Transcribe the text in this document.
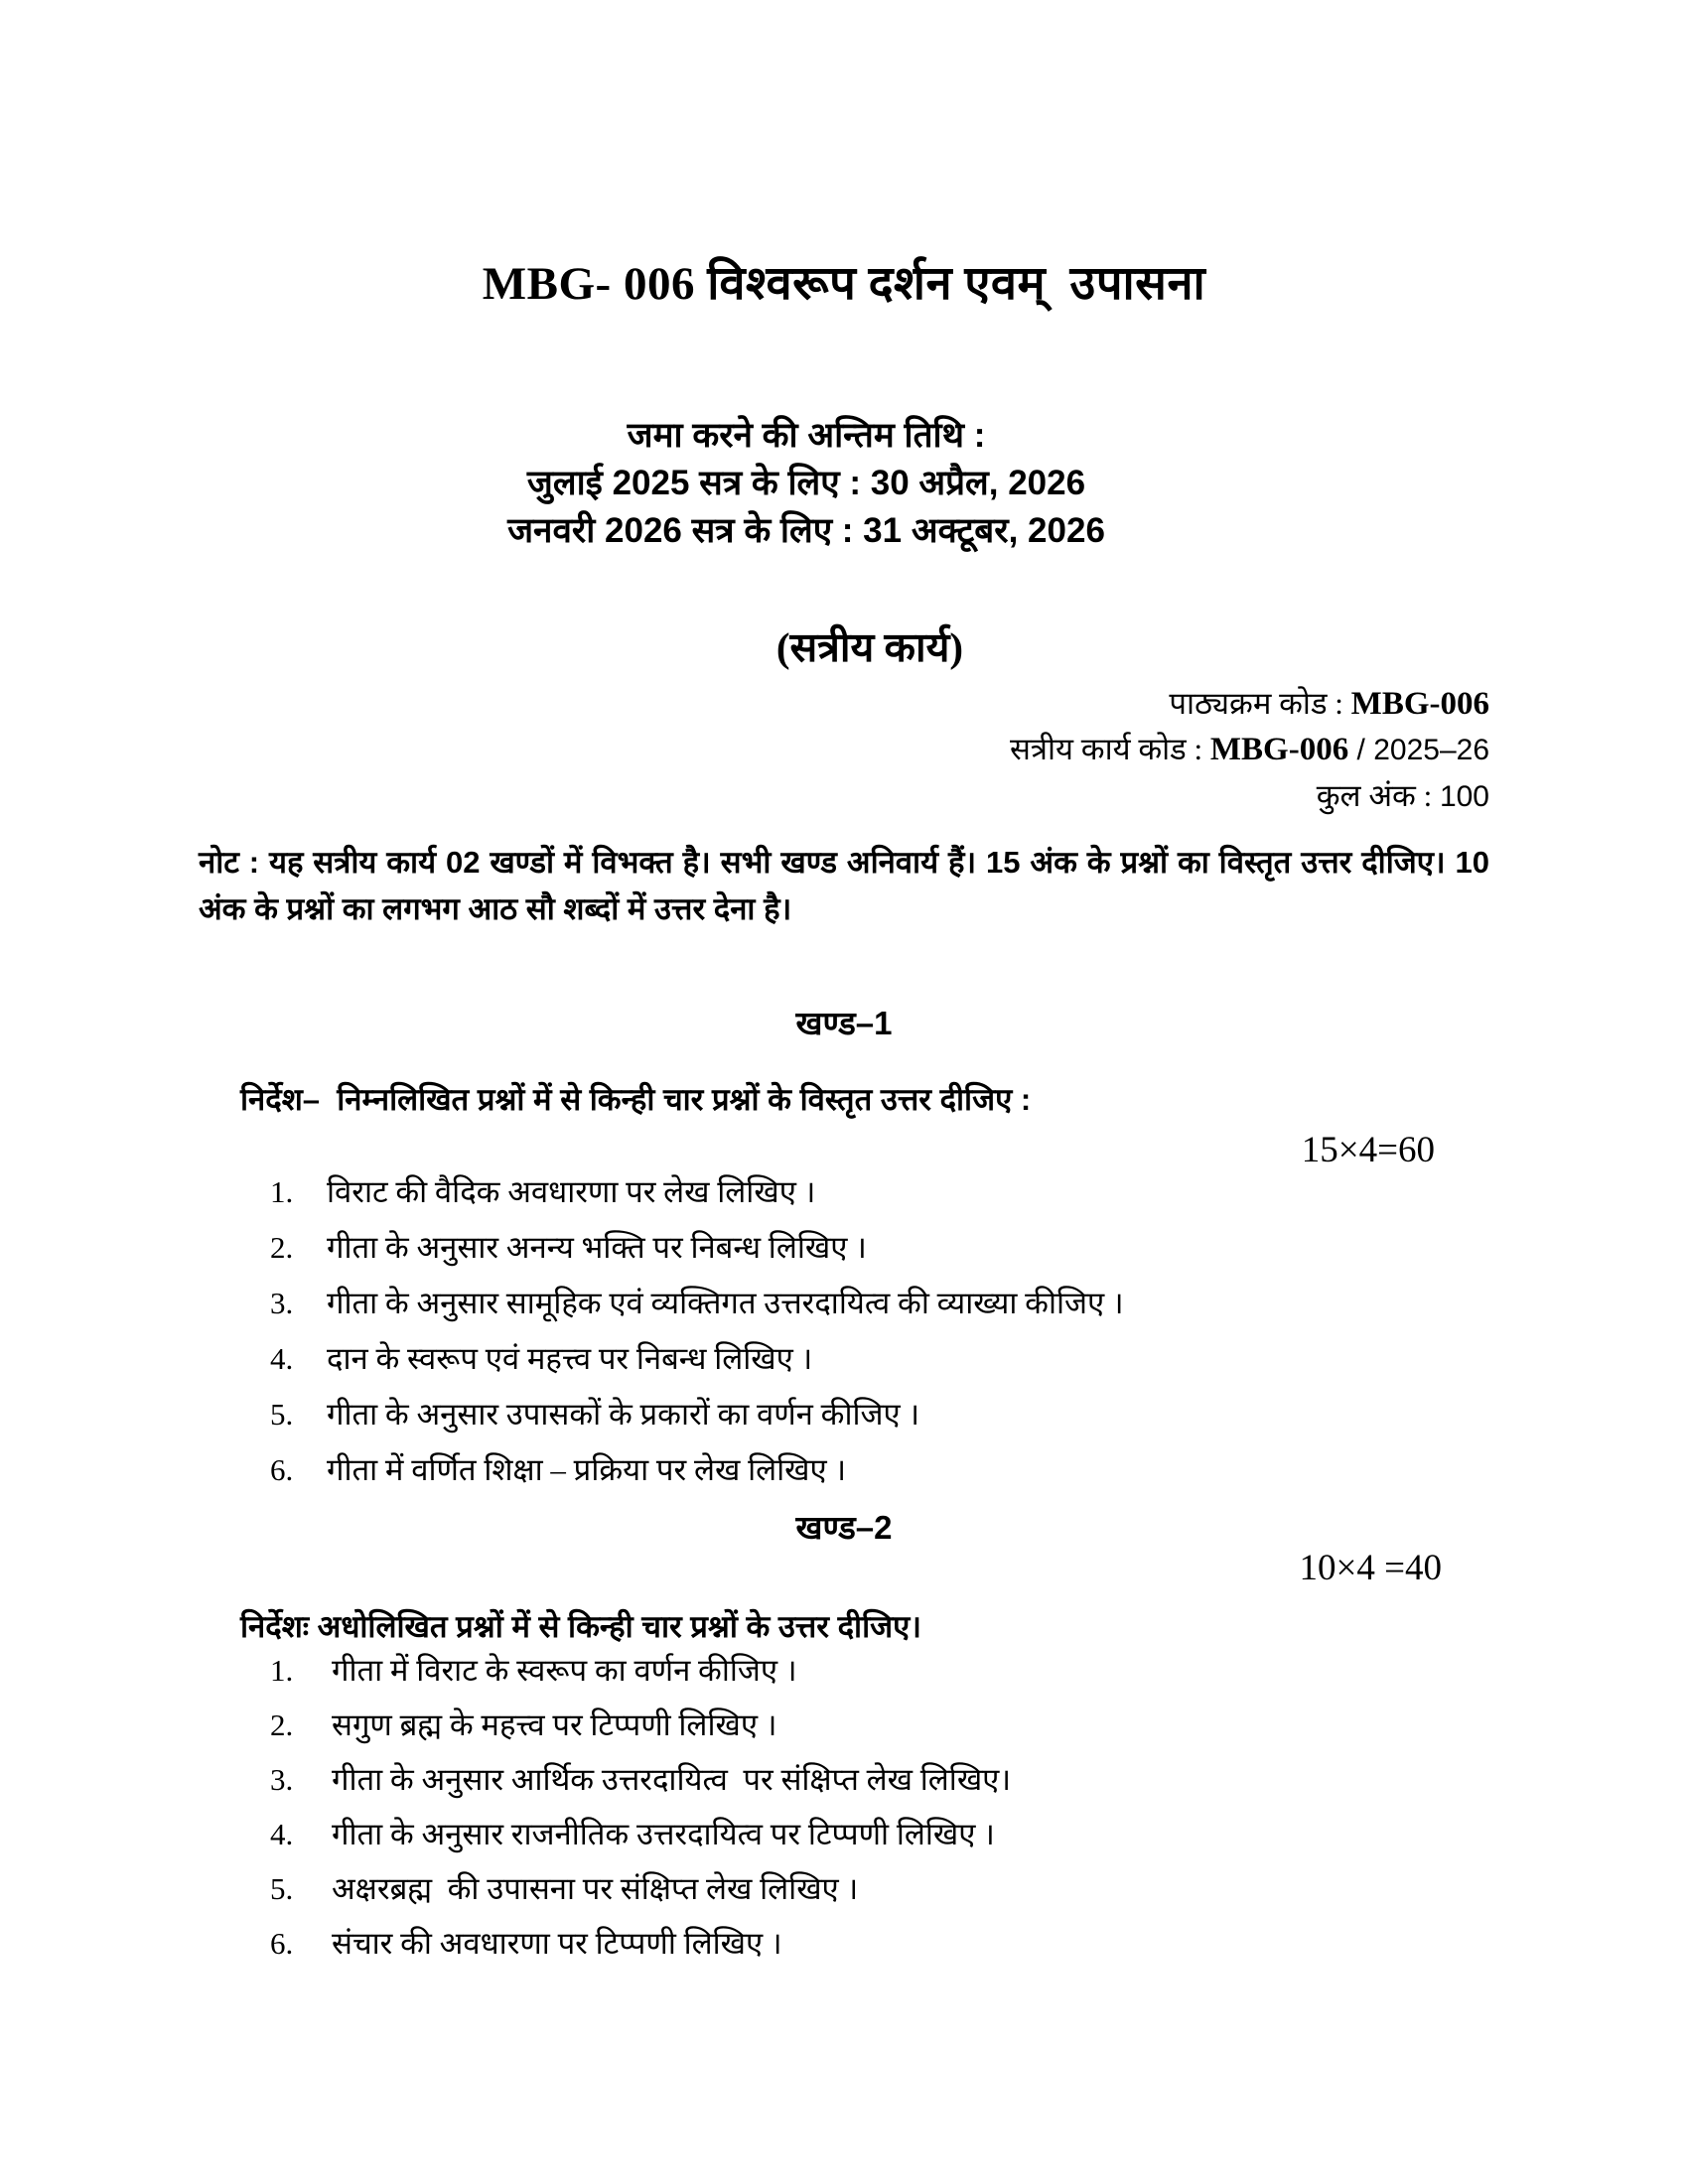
MBG- 006 विश्वरूप दर्शन एवम्  उपासना
जमा करने की अन्तिम तिथि :
जुलाई 2025 सत्र के लिए : 30 अप्रैल, 2026
जनवरी 2026 सत्र के लिए : 31 अक्टूबर, 2026
(सत्रीय कार्य)
पाठ्यक्रम कोड : MBG-006
सत्रीय कार्य कोड : MBG-006 / 2025–26
कुल अंक : 100

नोट : यह सत्रीय कार्य 02 खण्डों में विभक्त है। सभी खण्ड अनिवार्य हैं। 15 अंक के प्रश्नों का विस्तृत उत्तर दीजिए। 10 अंक के प्रश्नों का लगभग आठ सौ शब्दों में उत्तर देना है।

खण्ड–1
निर्देश–  निम्नलिखित प्रश्नों में से किन्ही चार प्रश्नों के विस्तृत उत्तर दीजिए :
15×4=60
1.	विराट की वैदिक अवधारणा पर लेख लिखिए ।
2.	गीता के अनुसार अनन्य भक्ति पर निबन्ध लिखिए ।
3.	गीता के अनुसार सामूहिक एवं व्यक्तिगत उत्तरदायित्व की व्याख्या कीजिए ।
4.	दान के स्वरूप एवं महत्त्व पर निबन्ध लिखिए ।
5.	गीता के अनुसार उपासकों के प्रकारों का वर्णन कीजिए ।
6.	गीता में वर्णित शिक्षा – प्रक्रिया पर लेख लिखिए ।
खण्ड–2
10×4 =40
निर्देशः अधोलिखित प्रश्नों में से किन्ही चार प्रश्नों के उत्तर दीजिए।
1.	गीता में विराट के स्वरूप का वर्णन कीजिए ।
2.	सगुण ब्रह्म के महत्त्व पर टिप्पणी लिखिए ।
3.	गीता के अनुसार आर्थिक उत्तरदायित्व  पर संक्षिप्त लेख लिखिए।
4.	गीता के अनुसार राजनीतिक उत्तरदायित्व पर टिप्पणी लिखिए ।
5.	अक्षरब्रह्म  की उपासना पर संक्षिप्त लेख लिखिए ।
6.	संचार की अवधारणा पर टिप्पणी लिखिए ।
